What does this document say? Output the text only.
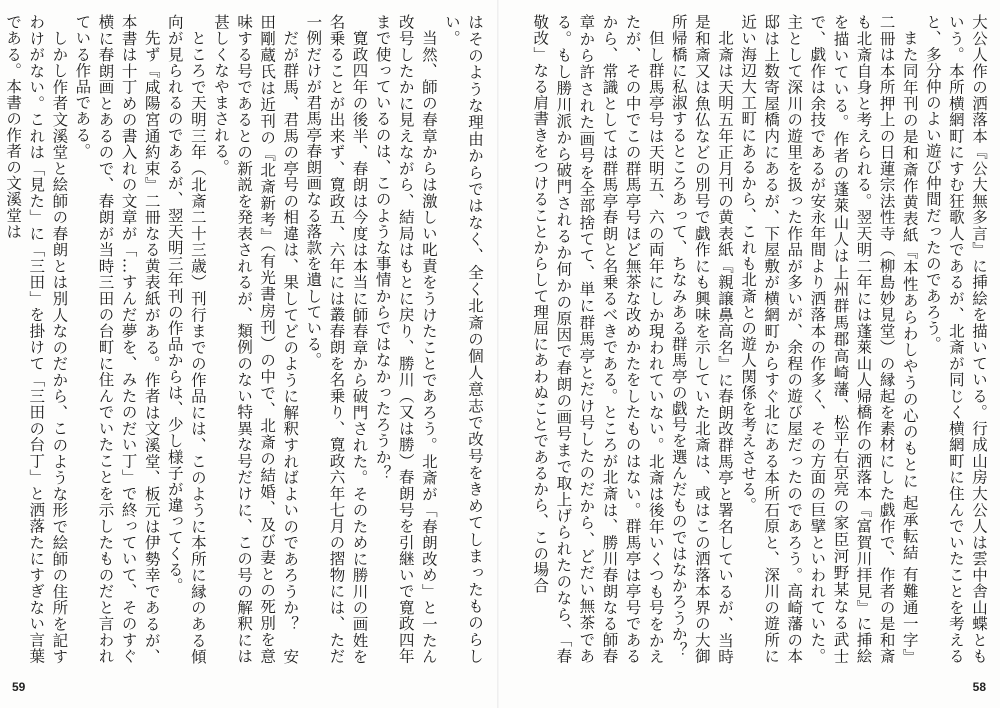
はそのような理由からではなく、全く北斎の個人意志で改号をきめてしまったものらしい。

当然、師の春章からは激しい叱責をうけたことであろう。北斎が「春朗改め」と一たん改号したかに見えながら、結局はもとに戻り、勝川（又は勝）春朗号を引継いで寛政四年まで使っているのは、このような事情からではなかったろうか？

寛政四年の後半、春朗は今度は本当に師春章から破門された。そのために勝川の画姓を名乗ることが出来ず、寛政五、六年には叢春朗を名乗り、寛政六年七月の摺物には、ただ一例だけが君馬亭春朗画なる落款を遺している。

だが群馬、君馬の亭号の相違は、果してどのように解釈すればよいのであろうか？　安田剛蔵氏は近刊の『北斎新考』（有光書房刊）の中で、北斎の結婚、及び妻との死別を意味する号であるとの新説を発表されるが、類例のない特異な号だけに、この号の解釈には甚しくなやまされる。

ところで天明三年（北斎二十三歳）刊行までの作品には、このように本所に縁のある傾向が見られるのであるが、翌天明三年刊の作品からは、少し様子が違ってくる。

先ず『咸陽宮通約束』二冊なる黄表紙がある。作者は文溪堂、板元は伊勢幸であるが、本書は十丁めの書入れの文章が「…すんだ夢を、みたのだい丁」で終っていて、そのすぐ横に春朗画とあるので、春朗が当時三田の台町に住んでいたことを示したものだと言われている作品である。

しかし作者文溪堂と絵師の春朗とは別人なのだから、このような形で絵師の住所を記すわけがない。これは「見た」に「三田」を掛けて「三田の台丁」と洒落たにすぎない言葉である。本書の作者の文溪堂は

59

大公人作の洒落本『公大無多言』に挿絵を描いている。行成山房大公人は雲中舎山蝶ともいう。本所横網町にすむ狂歌人であるが、北斎が同じく横網町に住んでいたことを考えると、多分仲のよい遊び仲間だったのであろう。

また同年刊の是和斎作黄表紙『本性あらわしやうの心のもとに 起承転結 有難通一字』二冊は本所押上の日蓮宗法性寺（柳島妙見堂）の縁起を素材にした戯作で、作者の是和斎も北斎自身と考えられる。翌天明二年には蓬萊山人帰橋作の洒落本『富賀川拝見』に挿絵を描いている。作者の蓬萊山人は上州群馬郡高崎藩、松平右京亮の家臣河野某なる武士で、戯作は余技であるが安永年間より洒落本の作多く、その方面の巨擘といわれていた。主として深川の遊里を扱った作品が多いが、余程の遊び屋だったのであろう。高崎藩の本邸は上数寄屋橋内にあるが、下屋敷が横網町からすぐ北にある本所石原と、深川の遊所に近い海辺大工町にあるから、これも北斎との遊人関係を考えさせる。

北斎は天明五年正月刊の黄表紙『親譲鼻高名』に春朗改群馬亭と署名しているが、当時是和斎又は魚仏などの別号で戯作にも興味を示していた北斎は、或はこの洒落本界の大御所帰橋に私淑するところあって、ちなみある群馬亭の戯号を選んだものではなかろうか？

但し群馬亭号は天明五、六の両年にしか現われていない。北斎は後年いくつも号をかえたが、その中でこの群馬亭号ほど無茶な改めかたをしたものはない。群馬亭は亭号であるから、常識としては群馬亭春朗と名乗るべきである。ところが北斎は、勝川春朗なる師春章から許された画号を全部捨てて、単に群馬亭とだけ号したのだから、どだい無茶である。もし勝川派から破門されるか何かの原因で春朗の画号まで取上げられたのなら、「春敬改」なる肩書きをつけることからして理屈にあわぬことであるから、この場合

58
